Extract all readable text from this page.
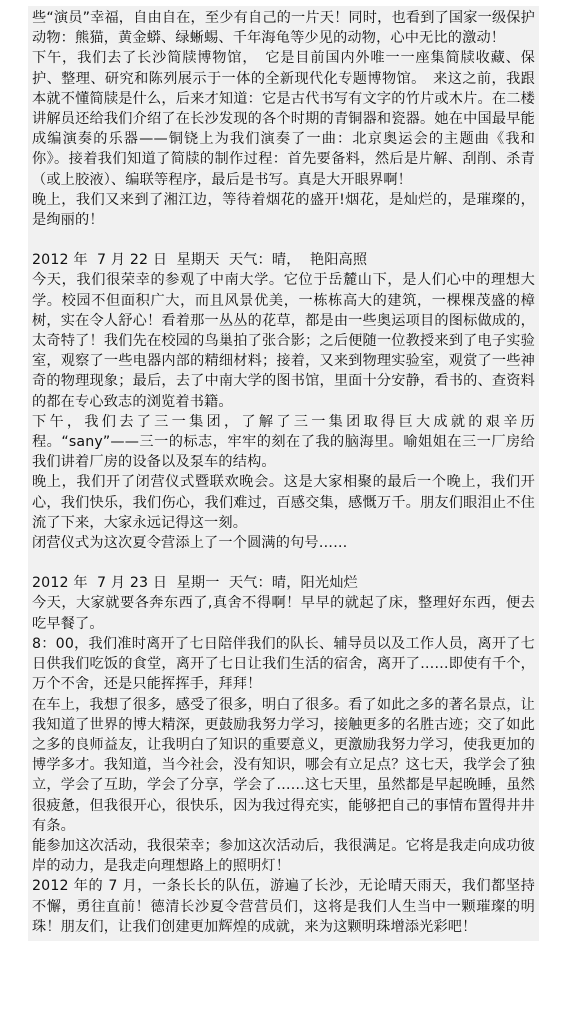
些“演员”幸福，自由自在，至少有自己的一片天！同时，也看到了国家一级保护动物：熊猫，黄金蟒、绿蜥蜴、千年海龟等少见的动物，心中无比的激动！

下午，我们去了长沙简牍博物馆，　它是目前国内外唯一一座集简牍收藏、保护、整理、研究和陈列展示于一体的全新现代化专题博物馆。　来这之前，我跟本就不懂简牍是什么，后来才知道：它是古代书写有文字的竹片或木片。在二楼讲解员还给我们介绍了在长沙发现的各个时期的青铜器和瓷器。她在中国最早能成编演奏的乐器——铜铙上为我们演奏了一曲：北京奥运会的主题曲《我和你》。接着我们知道了简牍的制作过程：首先要备料，然后是片解、刮削、杀青（或上胶液）、编联等程序，最后是书写。真是大开眼界啊！

晚上，我们又来到了湘江边，等待着烟花的盛开!烟花，是灿烂的，是璀璨的，是绚丽的！

2012 年  7 月 22 日  星期天  天气：晴，  艳阳高照

今天，我们很荣幸的参观了中南大学。它位于岳麓山下，是人们心中的理想大学。校园不但面积广大，而且风景优美，一栋栋高大的建筑，一棵棵茂盛的樟树，实在令人舒心！看着那一丛丛的花草，都是由一些奥运项目的图标做成的，太奇特了！我们先在校园的鸟巢拍了张合影；之后便随一位教授来到了电子实验室，观察了一些电器内部的精细材料；接着，又来到物理实验室，观赏了一些神奇的物理现象；最后，去了中南大学的图书馆，里面十分安静，看书的、查资料的都在专心致志的浏览着书籍。

下午，我们去了三一集团，了解了三一集团取得巨大成就的艰辛历程。“sany”——三一的标志，牢牢的刻在了我的脑海里。喻姐姐在三一厂房给我们讲着厂房的设备以及泵车的结构。

晚上，我们开了闭营仪式暨联欢晚会。这是大家相聚的最后一个晚上，我们开心，我们快乐，我们伤心，我们难过，百感交集，感慨万千。朋友们眼泪止不住流了下来，大家永远记得这一刻。

闭营仪式为这次夏令营添上了一个圆满的句号……

2012 年  7 月 23 日  星期一  天气：晴，阳光灿烂

今天，大家就要各奔东西了,真舍不得啊！早早的就起了床，整理好东西，便去吃早餐了。

8：00，我们准时离开了七日陪伴我们的队长、辅导员以及工作人员，离开了七日供我们吃饭的食堂，离开了七日让我们生活的宿舍，离开了……即使有千个，万个不舍，还是只能挥挥手，拜拜！

在车上，我想了很多，感受了很多，明白了很多。看了如此之多的著名景点，让我知道了世界的博大精深，更鼓励我努力学习，接触更多的名胜古迹；交了如此之多的良师益友，让我明白了知识的重要意义，更激励我努力学习，使我更加的博学多才。我知道，当今社会，没有知识，哪会有立足点？这七天，我学会了独立，学会了互助，学会了分享，学会了……这七天里，虽然都是早起晚睡，虽然很疲惫，但我很开心，很快乐，因为我过得充实，能够把自己的事情布置得井井有条。

能参加这次活动，我很荣幸；参加这次活动后，我很满足。它将是我走向成功彼岸的动力，是我走向理想路上的照明灯！

2012 年的 7 月，一条长长的队伍，游遍了长沙，无论晴天雨天，我们都坚持不懈，勇往直前！德清长沙夏令营营员们，这将是我们人生当中一颗璀璨的明珠！朋友们，让我们创建更加辉煌的成就，来为这颗明珠增添光彩吧！
